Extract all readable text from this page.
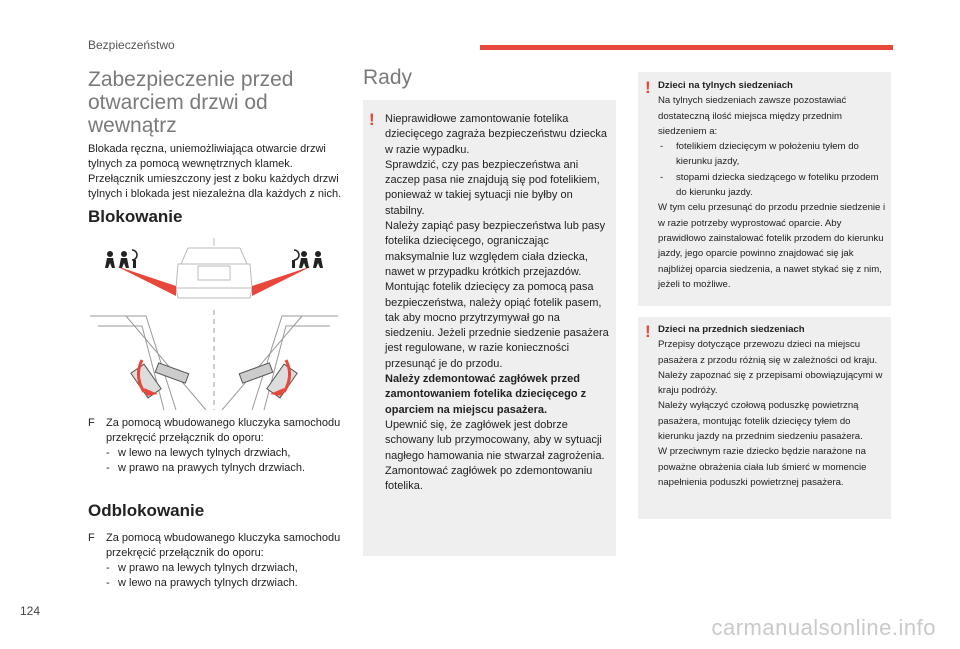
Bezpieczeństwo
Zabezpieczenie przed
otwarciem drzwi od wewnątrz

Blokada ręczna, uniemożliwiająca otwarcie drzwi tylnych za pomocą wewnętrznych klamek. Przełącznik umieszczony jest z boku każdych drzwi tylnych i blokada jest niezależna dla każdych z nich.

Blokowanie
F	Za pomocą wbudowanego kluczyka samochodu przekręcić przełącznik do oporu:
- w lewo na lewych tylnych drzwiach,
- w prawo na prawych tylnych drzwiach.
Odblokowanie
F	Za pomocą wbudowanego kluczyka samochodu przekręcić przełącznik do oporu:
- w prawo na lewych tylnych drzwiach,
- w lewo na prawych tylnych drzwiach.
Rady
! Nieprawidłowe zamontowanie fotelika dziecięcego zagraża bezpieczeństwu dziecka w razie wypadku.

Sprawdzić, czy pas bezpieczeństwa ani zaczep pasa nie znajdują się pod fotelikiem, ponieważ w takiej sytuacji nie byłby on stabilny.

Należy zapiąć pasy bezpieczeństwa lub pasy fotelika dziecięcego, ograniczając maksymalnie luz względem ciała dziecka, nawet w przypadku krótkich przejazdów.

Montując fotelik dziecięcy za pomocą pasa bezpieczeństwa, należy opiąć fotelik pasem, tak aby mocno przytrzymywał go na siedzeniu. Jeżeli przednie siedzenie pasażera jest regulowane, w razie konieczności przesunąć je do przodu.

Należy zdemontować zagłówek przed zamontowaniem fotelika dziecięcego z oparciem na miejscu pasażera.

Upewnić się, że zagłówek jest dobrze schowany lub przymocowany, aby w sytuacji nagłego hamowania nie stwarzał zagrożenia. Zamontować zagłówek po zdemontowaniu fotelika.

! Dzieci na tylnych siedzeniach

Na tylnych siedzeniach zawsze pozostawiać dostateczną ilość miejsca między przednim siedzeniem a:

-	fotelikiem dziecięcym w położeniu tyłem do kierunku jazdy,
-	stopami dziecka siedzącego w foteliku przodem do kierunku jazdy.

W tym celu przesunąć do przodu przednie siedzenie i w razie potrzeby wyprostować oparcie. Aby prawidłowo zainstalować fotelik przodem do kierunku jazdy, jego oparcie powinno znajdować się jak najbliżej oparcia siedzenia, a nawet stykać się z nim, jeżeli to możliwe.

! Dzieci na przednich siedzeniach

Przepisy dotyczące przewozu dzieci na miejscu pasażera z przodu różnią się w zależności od kraju. Należy zapoznać się z przepisami obowiązującymi w kraju podróży.

Należy wyłączyć czołową poduszkę powietrzną pasażera, montując fotelik dziecięcy tyłem do kierunku jazdy na przednim siedzeniu pasażera.

W przeciwnym razie dziecko będzie narażone na poważne obrażenia ciała lub śmierć w momencie napełnienia poduszki powietrznej pasażera.

124
carmanualsonline.info
